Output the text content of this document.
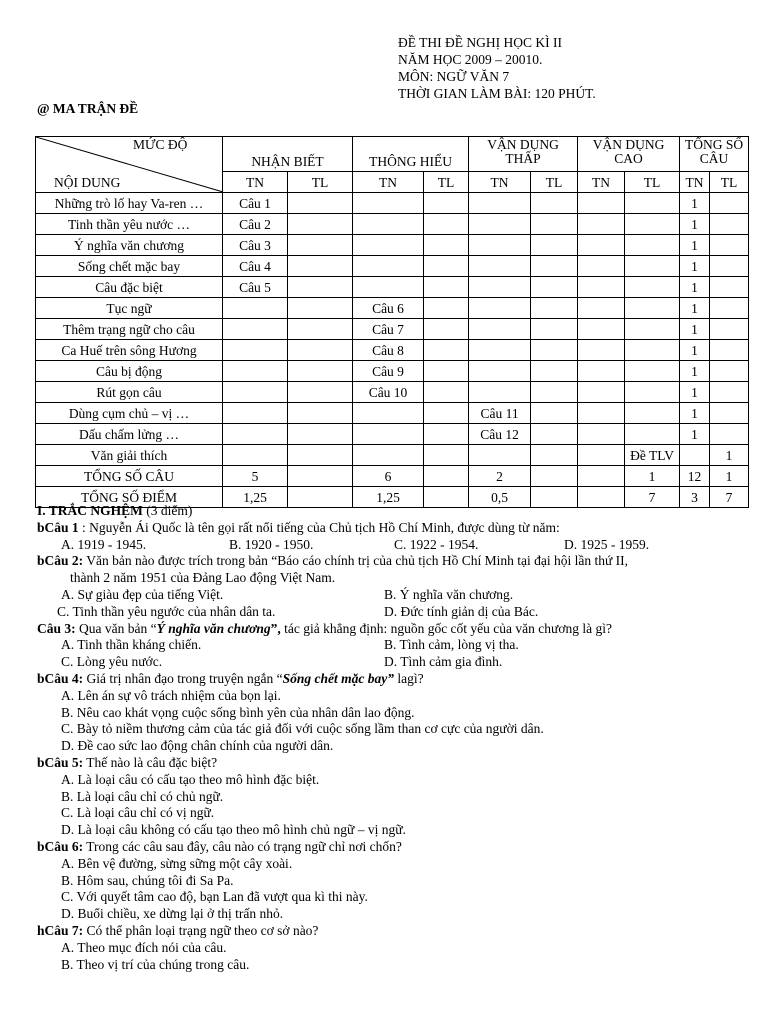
ĐỀ THI ĐỀ NGHỊ HỌC KÌ II
NĂM HỌC 2009 – 20010.
MÔN: NGỮ VĂN 7
THỜI GIAN LÀM BÀI: 120 PHÚT.
@ MA TRẬN ĐỀ
MỨC ĐỘ
NỘI DUNG	NHẬN BIẾT		THÔNG HIỂU		VẬN DỤNG THẤP		VẬN DỤNG CAO		TỔNG SỐ CÂU	
	TN	TL	TN	TL	TN	TL	TN	TL	TN	TL
Những trò lố hay Va-ren …	Câu 1								1	
Tinh thần yêu nước …	Câu 2								1	
Ý nghĩa văn chương	Câu 3								1	
Sống chết mặc bay	Câu 4								1	
Câu đặc biệt	Câu 5								1	
Tục ngữ			Câu 6						1	
Thêm trạng ngữ cho câu			Câu 7						1	
Ca Huế trên sông Hương			Câu 8						1	
Câu bị động			Câu 9						1	
Rút gọn câu			Câu 10						1	
Dùng cụm chủ – vị …					Câu 11				1	
Dấu chấm lửng …					Câu 12				1	
Văn giải thích								Đề TLV		1
TỔNG SỐ CÂU	5		6		2			1	12	1
TỔNG SỐ ĐIỂM	1,25		1,25		0,5			7	3	7
I. TRẮC NGHỆM (3 điểm)
bCâu 1 : Nguyễn Ái Quốc là tên gọi rất nổi tiếng của Chủ tịch Hồ Chí Minh, được dùng từ năm:
A. 1919 - 1945.	B. 1920 - 1950.	C. 1922 - 1954.	D. 1925 - 1959.
bCâu 2: Văn bản nào được trích trong bản “Báo cáo chính trị của chủ tịch Hồ Chí Minh tại đại hội lần thứ II,
thành 2 năm 1951 của Đảng Lao động Việt Nam.
A. Sự giàu đẹp của tiếng Việt.	B. Ý nghĩa văn chương.
C. Tinh thần yêu ngước của nhân dân ta.	D. Đức tính giản dị của Bác.
Câu 3: Qua văn bản “Ý nghĩa văn chương”, tác giả khẳng định: nguồn gốc cốt yếu của văn chương là gì?
A. Tinh thần kháng chiến.	B. Tình cảm, lòng vị tha.
C. Lòng yêu nước.	D. Tình cảm gia đình.
bCâu 4: Giá trị nhân đạo trong truyện ngắn “Sống chết mặc bay” lagì?
A. Lên án sự vô trách nhiệm của bọn lại.
B. Nêu cao khát vọng cuộc sống bình yên của nhân dân lao động.
C. Bày tỏ niềm thương cảm của tác giả đối với cuộc sống lầm than cơ cực của người dân.
D. Đề cao sức lao động chân chính của người dân.
bCâu 5: Thế nào là câu đặc biệt?
A. Là loại câu có cấu tạo theo mô hình đặc biệt.
B. Là loại câu chỉ có chủ ngữ.
C. Là loại câu chỉ có vị ngữ.
D. Là loại câu không có cấu tạo theo mô hình chủ ngữ – vị ngữ.
bCâu 6: Trong các câu sau đây, câu nào có trạng ngữ chỉ nơi chốn?
A. Bên vệ đường, sừng sững một cây xoài.
B. Hôm sau, chúng tôi đi Sa Pa.
C. Với quyết tâm cao độ, bạn Lan đã vượt qua kì thi này.
D. Buổi chiều, xe dừng lại ở thị trấn nhỏ.
hCâu 7: Có thể phân loại trạng ngữ theo cơ sở nào?
A. Theo mục đích nói của câu.
B. Theo vị trí của chúng trong câu.
